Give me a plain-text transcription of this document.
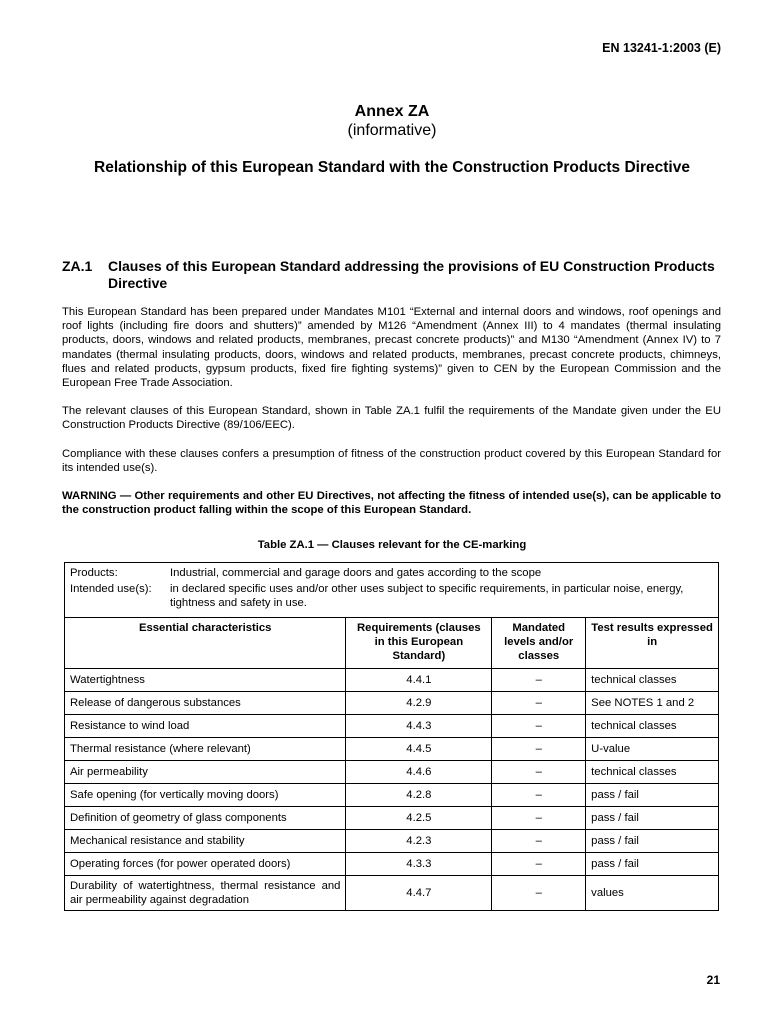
EN 13241-1:2003 (E)
Annex ZA
(informative)
Relationship of this European Standard with the Construction Products Directive
ZA.1	Clauses of this European Standard addressing the provisions of EU Construction Products Directive
This European Standard has been prepared under Mandates M101 “External and internal doors and windows, roof openings and roof lights (including fire doors and shutters)” amended by M126 “Amendment (Annex III) to 4 mandates (thermal insulating products, doors, windows and related products, membranes, precast concrete products)” and M130 “Amendment (Annex IV) to 7 mandates (thermal insulating products, doors, windows and related products, membranes, precast concrete products, chimneys, flues and related products, gypsum products, fixed fire fighting systems)” given to CEN by the European Commission and the European Free Trade Association.
The relevant clauses of this European Standard, shown in Table ZA.1 fulfil the requirements of the Mandate given under the EU Construction Products Directive (89/106/EEC).
Compliance with these clauses confers a presumption of fitness of the construction product covered by this European Standard for its intended use(s).
WARNING — Other requirements and other EU Directives, not affecting the fitness of intended use(s), can be applicable to the construction product falling within the scope of this European Standard.
Table ZA.1 — Clauses relevant for the CE-marking
Products: Industrial, commercial and garage doors and gates according to the scope
Intended use(s): in declared specific uses and/or other uses subject to specific requirements, in particular noise, energy, tightness and safety in use.			

Essential characteristics	Requirements (clauses in this European Standard)	Mandated levels and/or classes	Test results expressed in
Watertightness	4.4.1	–	technical classes
Release of dangerous substances	4.2.9	–	See NOTES 1 and 2
Resistance to wind load	4.4.3	–	technical classes
Thermal resistance (where relevant)	4.4.5	–	U-value
Air permeability	4.4.6	–	technical classes
Safe opening (for vertically moving doors)	4.2.8	–	pass / fail
Definition of geometry of glass components	4.2.5	–	pass / fail
Mechanical resistance and stability	4.2.3	–	pass / fail
Operating forces (for power operated doors)	4.3.3	–	pass / fail
Durability of watertightness, thermal resistance and air permeability against degradation	4.4.7	–	values
21
